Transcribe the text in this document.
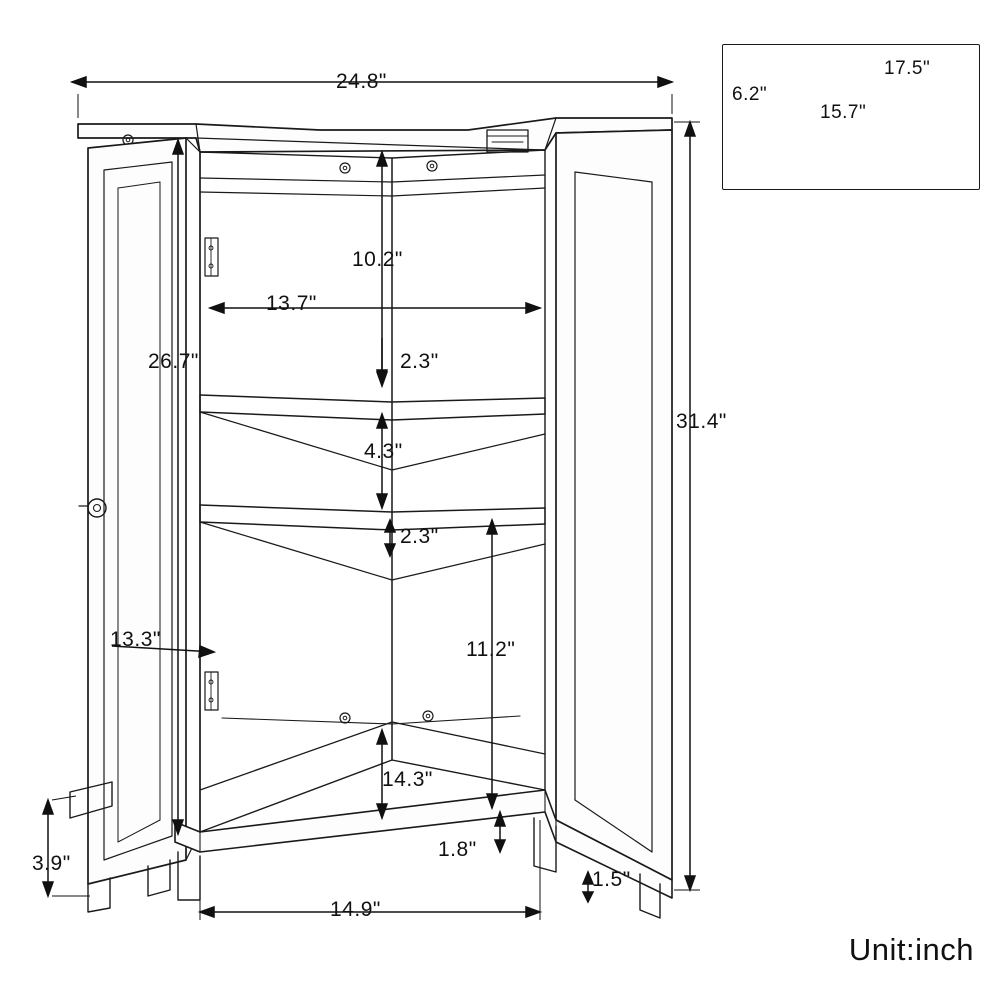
24.8"
31.4"
26.7"
13.7"
10.2"
2.3"
4.3"
2.3"
11.2"
14.3"
13.3"
3.9"
14.9"
1.8"
1.5"
17.5"
6.2"
15.7"
Unit:inch
